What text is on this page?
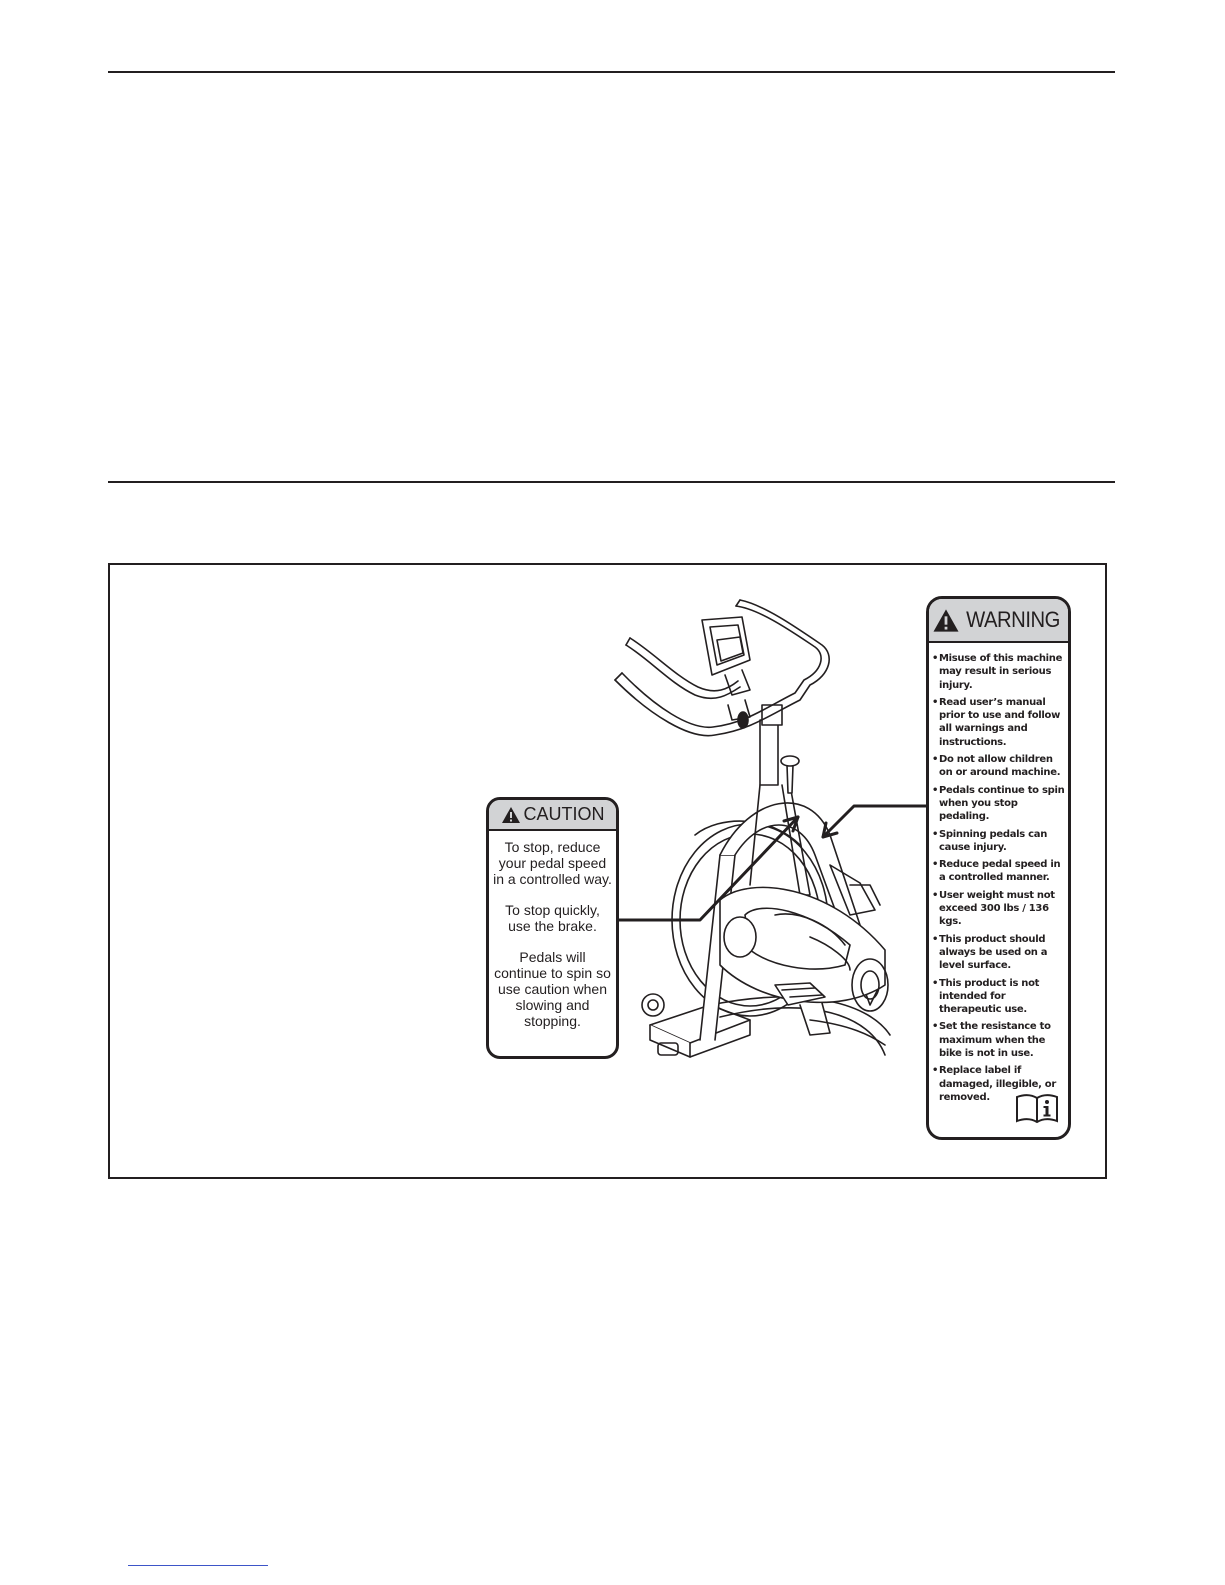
CAUTION

To stop, reduce your pedal speed in a controlled way.

To stop quickly, use the brake.

Pedals will continue to spin so use caution when slowing and stopping.

WARNING
• Misuse of this machine may result in serious injury.
• Read user’s manual prior to use and follow all warnings and instructions.
• Do not allow children on or around machine.
• Pedals continue to spin when you stop pedaling.
• Spinning pedals can cause injury.
• Reduce pedal speed in a controlled manner.
• User weight must not exceed 300 lbs / 136 kgs.
• This product should always be used on a level surface.
• This product is not intended for therapeutic use.
• Set the resistance to maximum when the bike is not in use.
• Replace label if damaged, illegible, or removed.
